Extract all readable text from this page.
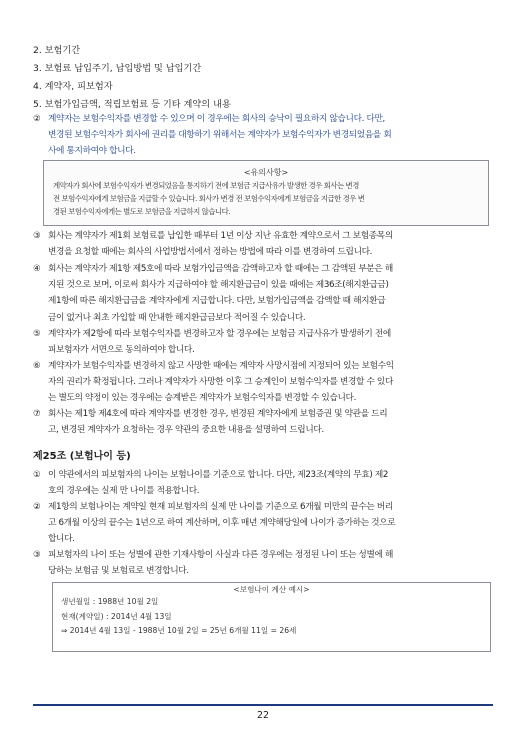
2. 보험기간
3. 보험료 납입주기, 납입방법 및 납입기간
4. 계약자, 피보험자
5. 보험가입금액, 적립보험료 등 기타 계약의 내용
② 계약자는 보험수익자를 변경할 수 있으며 이 경우에는 회사의 승낙이 필요하지 않습니다. 다만,
변경된 보험수익자가 회사에 권리를 대항하기 위해서는 계약자가 보험수익자가 변경되었음을 회
사에 통지하여야 합니다.
<유의사항>
계약자가 회사에 보험수익자가 변경되었음을 통지하기 전에 보험금 지급사유가 발생한 경우 회사는 변경
전 보험수익자에게 보험금을 지급할 수 있습니다. 회사가 변경 전 보험수익자에게 보험금을 지급한 경우 변
경된 보험수익자에게는 별도로 보험금을 지급하지 않습니다.
③ 회사는 계약자가 제1회 보험료를 납입한 때부터 1년 이상 지난 유효한 계약으로서 그 보험종목의
변경을 요청할 때에는 회사의 사업방법서에서 정하는 방법에 따라 이를 변경하여 드립니다.
④ 회사는 계약자가 제1항 제5호에 따라 보험가입금액을 감액하고자 할 때에는 그 감액된 부분은 해
지된 것으로 보며, 이로써 회사가 지급하여야 할 해지환급금이 있을 때에는 제36조(해지환급금)
제1항에 따른 해지환급금을 계약자에게 지급합니다. 다만, 보험가입금액을 감액할 때 해지환급
금이 없거나 최초 가입할 때 안내한 해지환급금보다 적어질 수 있습니다.
⑤ 계약자가 제2항에 따라 보험수익자를 변경하고자 할 경우에는 보험금 지급사유가 발생하기 전에
피보험자가 서면으로 동의하여야 합니다.
⑥ 계약자가 보험수익자를 변경하지 않고 사망한 때에는 계약자 사망시점에 지정되어 있는 보험수익
자의 권리가 확정됩니다. 그러나 계약자가 사망한 이후 그 승계인이 보험수익자를 변경할 수 있다
는 별도의 약정이 있는 경우에는 승계받은 계약자가 보험수익자를 변경할 수 있습니다.
⑦ 회사는 제1항 제4호에 따라 계약자를 변경한 경우, 변경된 계약자에게 보험증권 및 약관을 드리
고, 변경된 계약자가 요청하는 경우 약관의 중요한 내용을 설명하여 드립니다.
제25조 (보험나이 등)
① 이 약관에서의 피보험자의 나이는 보험나이를 기준으로 합니다. 다만, 제23조(계약의 무효) 제2
호의 경우에는 실제 만 나이를 적용합니다.
② 제1항의 보험나이는 계약일 현재 피보험자의 실제 만 나이를 기준으로 6개월 미만의 끝수는 버리
고 6개월 이상의 끝수는 1년으로 하여 계산하며, 이후 매년 계약해당일에 나이가 증가하는 것으로
합니다.
③ 피보험자의 나이 또는 성별에 관한 기재사항이 사실과 다른 경우에는 정정된 나이 또는 성별에 해
당하는 보험금 및 보험료로 변경합니다.
<보험나이 계산 예시>
생년월일 : 1988년 10월 2일
현재(계약일) : 2014년 4월 13일
⇒ 2014년 4월 13일 - 1988년 10월 2일 = 25년 6개월 11일 = 26세
22
